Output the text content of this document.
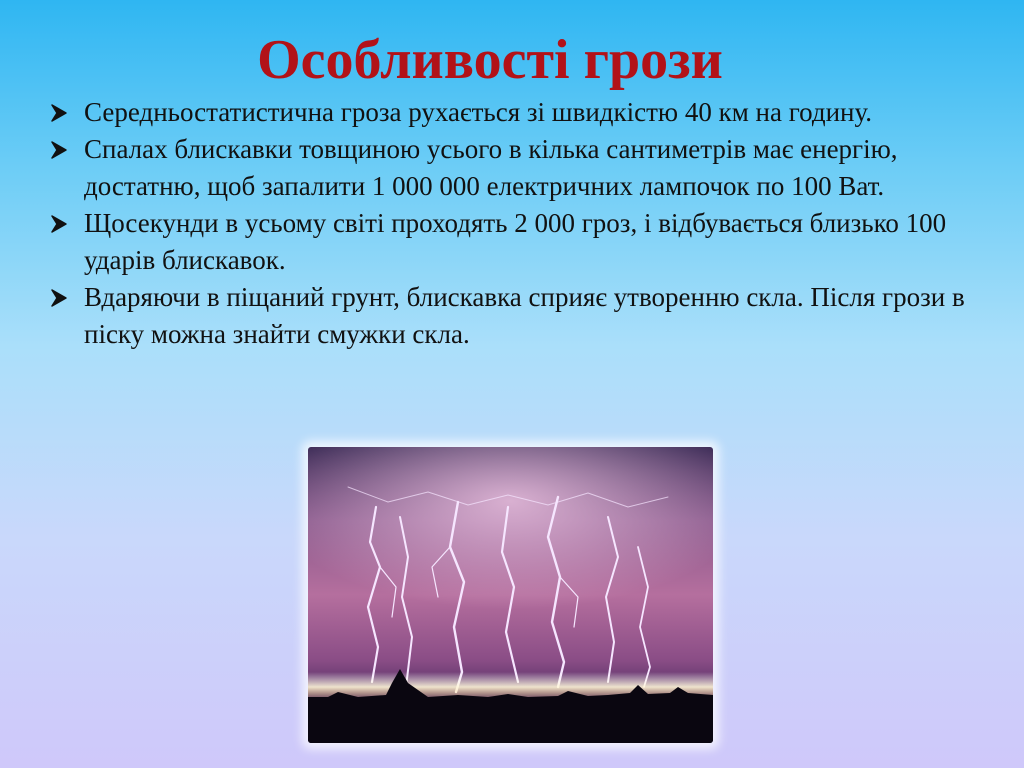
Особливості грози
Середньостатистична гроза рухається зі швидкістю 40 км на годину.
Спалах блискавки товщиною усього в кілька сантиметрів має енергію, достатню, щоб запалити 1 000 000 електричних лампочок по 100 Ват.
Щосекунди в усьому світі проходять 2 000 гроз, і відбувається близько 100 ударів блискавок.
Вдаряючи в піщаний грунт, блискавка сприяє утворенню скла. Після грози в піску можна знайти смужки скла.
